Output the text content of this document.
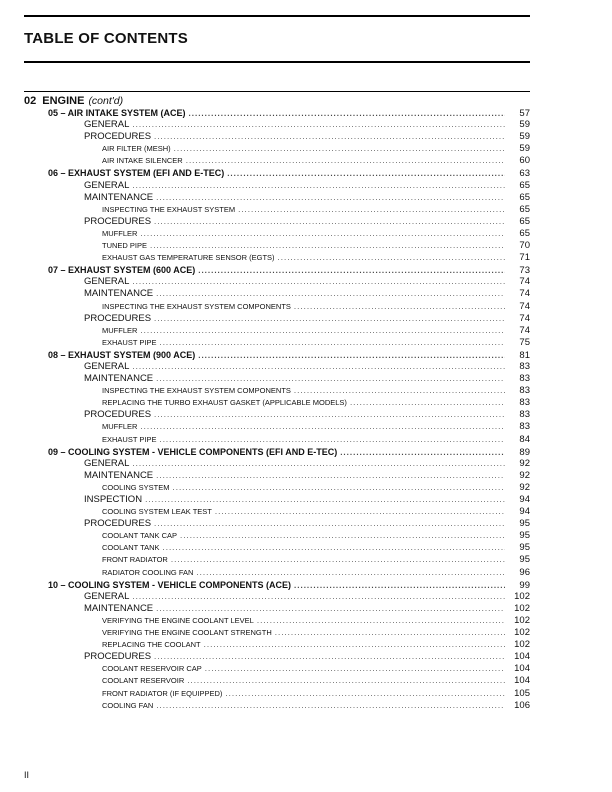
TABLE OF CONTENTS
02 ENGINE (cont'd)
05 – AIR INTAKE SYSTEM (ACE) .....	57
GENERAL .....	59
PROCEDURES .....	59
AIR FILTER (MESH) .....	59
AIR INTAKE SILENCER .....	60
06 – EXHAUST SYSTEM (EFI AND E-TEC) .....	63
GENERAL .....	65
MAINTENANCE .....	65
INSPECTING THE EXHAUST SYSTEM .....	65
PROCEDURES .....	65
MUFFLER .....	65
TUNED PIPE .....	70
EXHAUST GAS TEMPERATURE SENSOR (EGTS) .....	71
07 – EXHAUST SYSTEM (600 ACE) .....	73
GENERAL .....	74
MAINTENANCE .....	74
INSPECTING THE EXHAUST SYSTEM COMPONENTS .....	74
PROCEDURES .....	74
MUFFLER .....	74
EXHAUST PIPE .....	75
08 – EXHAUST SYSTEM (900 ACE) .....	81
GENERAL .....	83
MAINTENANCE .....	83
INSPECTING THE EXHAUST SYSTEM COMPONENTS .....	83
REPLACING THE TURBO EXHAUST GASKET (APPLICABLE MODELS) .....	83
PROCEDURES .....	83
MUFFLER .....	83
EXHAUST PIPE .....	84
09 – COOLING SYSTEM - VEHICLE COMPONENTS (EFI AND E-TEC) .....	89
GENERAL .....	92
MAINTENANCE .....	92
COOLING SYSTEM .....	92
INSPECTION .....	94
COOLING SYSTEM LEAK TEST .....	94
PROCEDURES .....	95
COOLANT TANK CAP .....	95
COOLANT TANK .....	95
FRONT RADIATOR .....	95
RADIATOR COOLING FAN .....	96
10 – COOLING SYSTEM - VEHICLE COMPONENTS (ACE) .....	99
GENERAL .....	102
MAINTENANCE .....	102
VERIFYING THE ENGINE COOLANT LEVEL .....	102
VERIFYING THE ENGINE COOLANT STRENGTH .....	102
REPLACING THE COOLANT .....	102
PROCEDURES .....	104
COOLANT RESERVOIR CAP .....	104
COOLANT RESERVOIR .....	104
FRONT RADIATOR (IF EQUIPPED) .....	105
COOLING FAN .....	106
II
